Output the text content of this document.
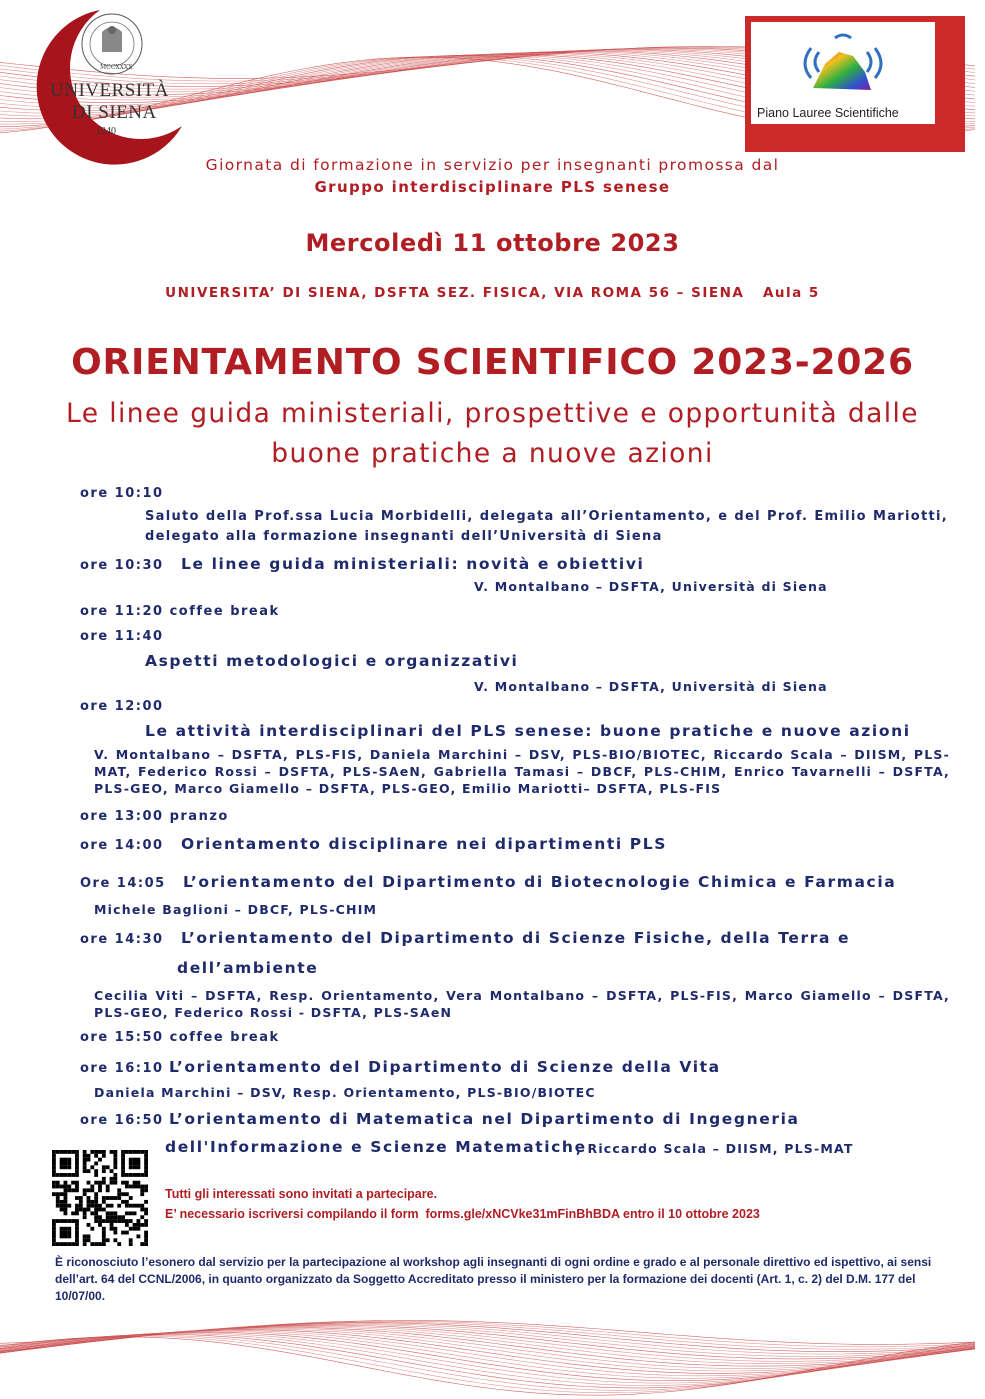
MCCXXXX
UNIVERSITÀ
DI SIENA
1240
Piano Lauree Scientifiche
Giornata di formazione in servizio per insegnanti promossa dal
Gruppo interdisciplinare PLS senese
Mercoledì 11 ottobre 2023
UNIVERSITA’ DI SIENA, DSFTA SEZ. FISICA, VIA ROMA 56 – SIENA   Aula 5
ORIENTAMENTO SCIENTIFICO 2023-2026
Le linee guida ministeriali, prospettive e opportunità dalle
buone pratiche a nuove azioni
ore 10:10
Saluto della Prof.ssa Lucia Morbidelli, delegata all’Orientamento, e del Prof. Emilio Mariotti, delegato alla formazione insegnanti dell’Università di Siena
ore 10:30 Le linee guida ministeriali: novità e obiettivi
V. Montalbano – DSFTA, Università di Siena
ore 11:20 coffee break
ore 11:40
Aspetti metodologici e organizzativi
V. Montalbano – DSFTA, Università di Siena
ore 12:00
Le attività interdisciplinari del PLS senese: buone pratiche e nuove azioni
V. Montalbano – DSFTA, PLS-FIS, Daniela Marchini – DSV, PLS-BIO/BIOTEC, Riccardo Scala – DIISM, PLS-MAT, Federico Rossi – DSFTA, PLS-SAeN, Gabriella Tamasi – DBCF, PLS-CHIM, Enrico Tavarnelli – DSFTA, PLS-GEO, Marco Giamello – DSFTA, PLS-GEO, Emilio Mariotti– DSFTA, PLS-FIS
ore 13:00 pranzo
ore 14:00 Orientamento disciplinare nei dipartimenti PLS
Ore 14:05 L’orientamento del Dipartimento di Biotecnologie Chimica e Farmacia
Michele Baglioni – DBCF, PLS-CHIM
ore 14:30 L’orientamento del Dipartimento di Scienze Fisiche, della Terra e
dell’ambiente
Cecilia Viti – DSFTA, Resp. Orientamento, Vera Montalbano – DSFTA, PLS-FIS, Marco Giamello – DSFTA, PLS-GEO, Federico Rossi - DSFTA, PLS-SAeN
ore 15:50 coffee break
ore 16:10 L’orientamento del Dipartimento di Scienze della Vita
Daniela Marchini – DSV, Resp. Orientamento, PLS-BIO/BIOTEC
ore 16:50 L’orientamento di Matematica nel Dipartimento di Ingegneria
dell'Informazione e Scienze Matematiche
, Riccardo Scala – DIISM, PLS-MAT
Tutti gli interessati sono invitati a partecipare.
E’ necessario iscriversi compilando il form  forms.gle/xNCVke31mFinBhBDA entro il 10 ottobre 2023
È riconosciuto l’esonero dal servizio per la partecipazione al workshop agli insegnanti di ogni ordine e grado e al personale direttivo ed ispettivo, ai sensi dell’art. 64 del CCNL/2006, in quanto organizzato da Soggetto Accreditato presso il ministero per la formazione dei docenti (Art. 1, c. 2) del D.M. 177 del 10/07/00.
